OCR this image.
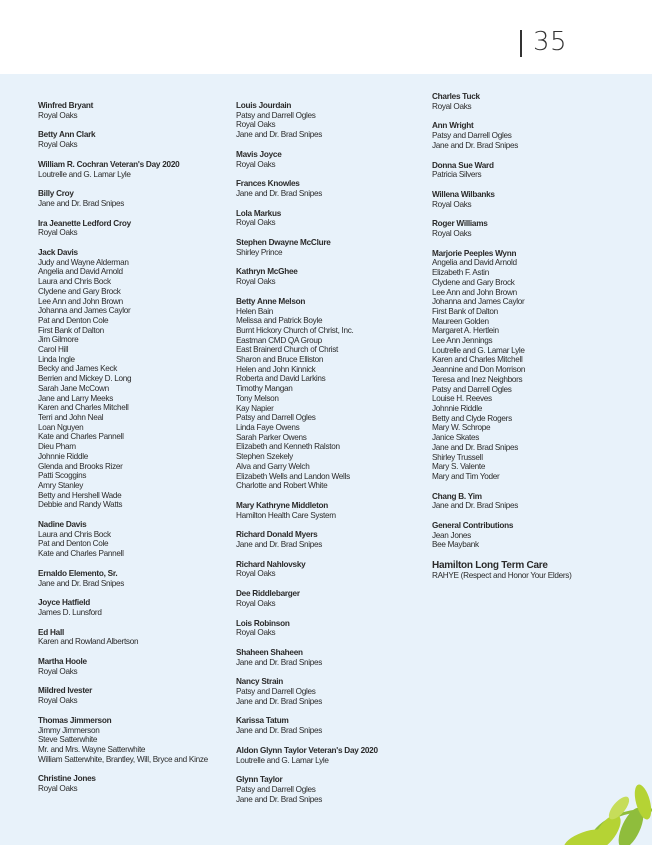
35
Winfred Bryant
Royal Oaks
Betty Ann Clark
Royal Oaks
William R. Cochran Veteran's Day 2020
Loutrelle and G. Lamar Lyle
Billy Croy
Jane and Dr. Brad Snipes
Ira Jeanette Ledford Croy
Royal Oaks
Jack Davis
Judy and Wayne Alderman
Angelia and David Arnold
Laura and Chris Bock
Clydene and Gary Brock
Lee Ann and John Brown
Johanna and James Caylor
Pat and Denton Cole
First Bank of Dalton
Jim Gilmore
Carol Hill
Linda Ingle
Becky and James Keck
Berrien and Mickey D. Long
Sarah Jane McCown
Jane and Larry Meeks
Karen and Charles Mitchell
Terri and John Neal
Loan Nguyen
Kate and Charles Pannell
Dieu Pham
Johnnie Riddle
Glenda and Brooks Rizer
Patti Scoggins
Amry Stanley
Betty and Hershell Wade
Debbie and Randy Watts
Nadine Davis
Laura and Chris Bock
Pat and Denton Cole
Kate and Charles Pannell
Ernaldo Elemento, Sr.
Jane and Dr. Brad Snipes
Joyce Hatfield
James D. Lunsford
Ed Hall
Karen and Rowland Albertson
Martha Hoole
Royal Oaks
Mildred Ivester
Royal Oaks
Thomas Jimmerson
Jimmy Jimmerson
Steve Satterwhite
Mr. and Mrs. Wayne Satterwhite
William Satterwhite, Brantley, Will, Bryce and Kinze
Christine Jones
Royal Oaks
Louis Jourdain
Patsy and Darrell Ogles
Royal Oaks
Jane and Dr. Brad Snipes
Mavis Joyce
Royal Oaks
Frances Knowles
Jane and Dr. Brad Snipes
Lola Markus
Royal Oaks
Stephen Dwayne McClure
Shirley Prince
Kathryn McGhee
Royal Oaks
Betty Anne Melson
Helen Bain
Melissa and Patrick Boyle
Burnt Hickory Church of Christ, Inc.
Eastman CMD QA Group
East Brainerd Church of Christ
Sharon and Bruce Elliston
Helen and John Kinnick
Roberta and David Larkins
Timothy Mangan
Tony Melson
Kay Napier
Patsy and Darrell Ogles
Linda Faye Owens
Sarah Parker Owens
Elizabeth and Kenneth Ralston
Stephen Szekely
Alva and Garry Welch
Elizabeth Wells and Landon Wells
Charlotte and Robert White
Mary Kathryne Middleton
Hamilton Health Care System
Richard Donald Myers
Jane and Dr. Brad Snipes
Richard Nahlovsky
Royal Oaks
Dee Riddlebarger
Royal Oaks
Lois Robinson
Royal Oaks
Shaheen Shaheen
Jane and Dr. Brad Snipes
Nancy Strain
Patsy and Darrell Ogles
Jane and Dr. Brad Snipes
Karissa Tatum
Jane and Dr. Brad Snipes
Aldon Glynn Taylor Veteran's Day 2020
Loutrelle and G. Lamar Lyle
Glynn Taylor
Patsy and Darrell Ogles
Jane and Dr. Brad Snipes
Charles Tuck
Royal Oaks
Ann Wright
Patsy and Darrell Ogles
Jane and Dr. Brad Snipes
Donna Sue Ward
Patricia Silvers
Willena Wilbanks
Royal Oaks
Roger Williams
Royal Oaks
Marjorie Peeples Wynn
Angelia and David Arnold
Elizabeth F. Astin
Clydene and Gary Brock
Lee Ann and John Brown
Johanna and James Caylor
First Bank of Dalton
Maureen Golden
Margaret A. Hertlein
Lee Ann Jennings
Loutrelle and G. Lamar Lyle
Karen and Charles Mitchell
Jeannine and Don Morrison
Teresa and Inez Neighbors
Patsy and Darrell Ogles
Louise H. Reeves
Johnnie Riddle
Betty and Clyde Rogers
Mary W. Schrope
Janice Skates
Jane and Dr. Brad Snipes
Shirley Trussell
Mary S. Valente
Mary and Tim Yoder
Chang B. Yim
Jane and Dr. Brad Snipes
General Contributions
Jean Jones
Bee Maybank
Hamilton Long Term Care
RAHYE (Respect and Honor Your Elders)
